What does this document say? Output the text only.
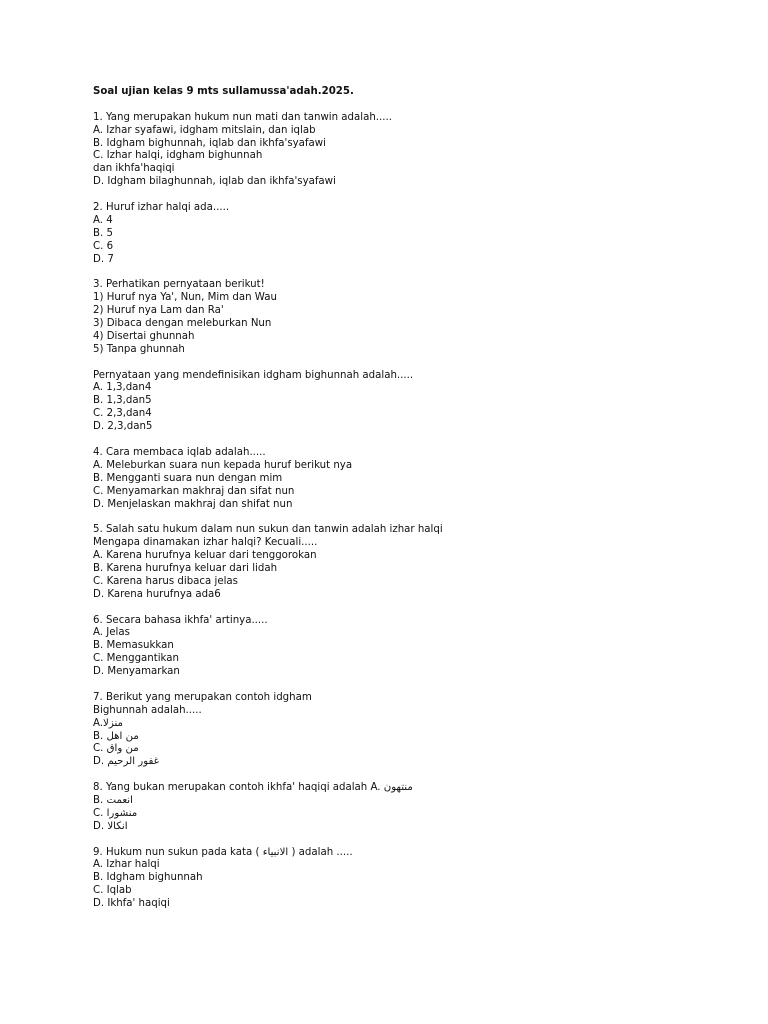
Soal ujian kelas 9 mts sullamussa'adah.2025.
1. Yang merupakan hukum nun mati dan tanwin adalah.....
A. Izhar syafawi, idgham mitslain, dan iqlab
B. Idgham bighunnah, iqlab dan ikhfa'syafawi
C. Izhar halqi, idgham bighunnah
dan ikhfa'haqiqi
D. Idgham bilaghunnah, iqlab dan ikhfa'syafawi
2. Huruf izhar halqi ada.....
A. 4
B. 5
C. 6
D. 7
3. Perhatikan pernyataan berikut!
1) Huruf nya Ya', Nun, Mim dan Wau
2) Huruf nya Lam dan Ra'
3) Dibaca dengan meleburkan Nun
4) Disertai ghunnah
5) Tanpa ghunnah
Pernyataan yang mendefinisikan idgham bighunnah adalah.....
A. 1,3,dan4
B. 1,3,dan5
C. 2,3,dan4
D. 2,3,dan5
4. Cara membaca iqlab adalah.....
A. Meleburkan suara nun kepada huruf berikut nya
B. Mengganti suara nun dengan mim
C. Menyamarkan makhraj dan sifat nun
D. Menjelaskan makhraj dan shifat nun
5. Salah satu hukum dalam nun sukun dan tanwin adalah izhar halqi
Mengapa dinamakan izhar halqi? Kecuali.....
A. Karena hurufnya keluar dari tenggorokan
B. Karena hurufnya keluar dari lidah
C. Karena harus dibaca jelas
D. Karena hurufnya ada6
6. Secara bahasa ikhfa' artinya.....
A. Jelas
B. Memasukkan
C. Menggantikan
D. Menyamarkan
7. Berikut yang merupakan contoh idgham
Bighunnah adalah.....
A.منزلا
B. من اهل
C. من واق
D. غفور الرحيم
8. Yang bukan merupakan contoh ikhfa' haqiqi adalah A. منتهون
B. انعمت
C. منشورا
D. انكالا
9. Hukum nun sukun pada kata ( الانبياء ) adalah .....
A. Izhar halqi
B. Idgham bighunnah
C. Iqlab
D. Ikhfa' haqiqi
